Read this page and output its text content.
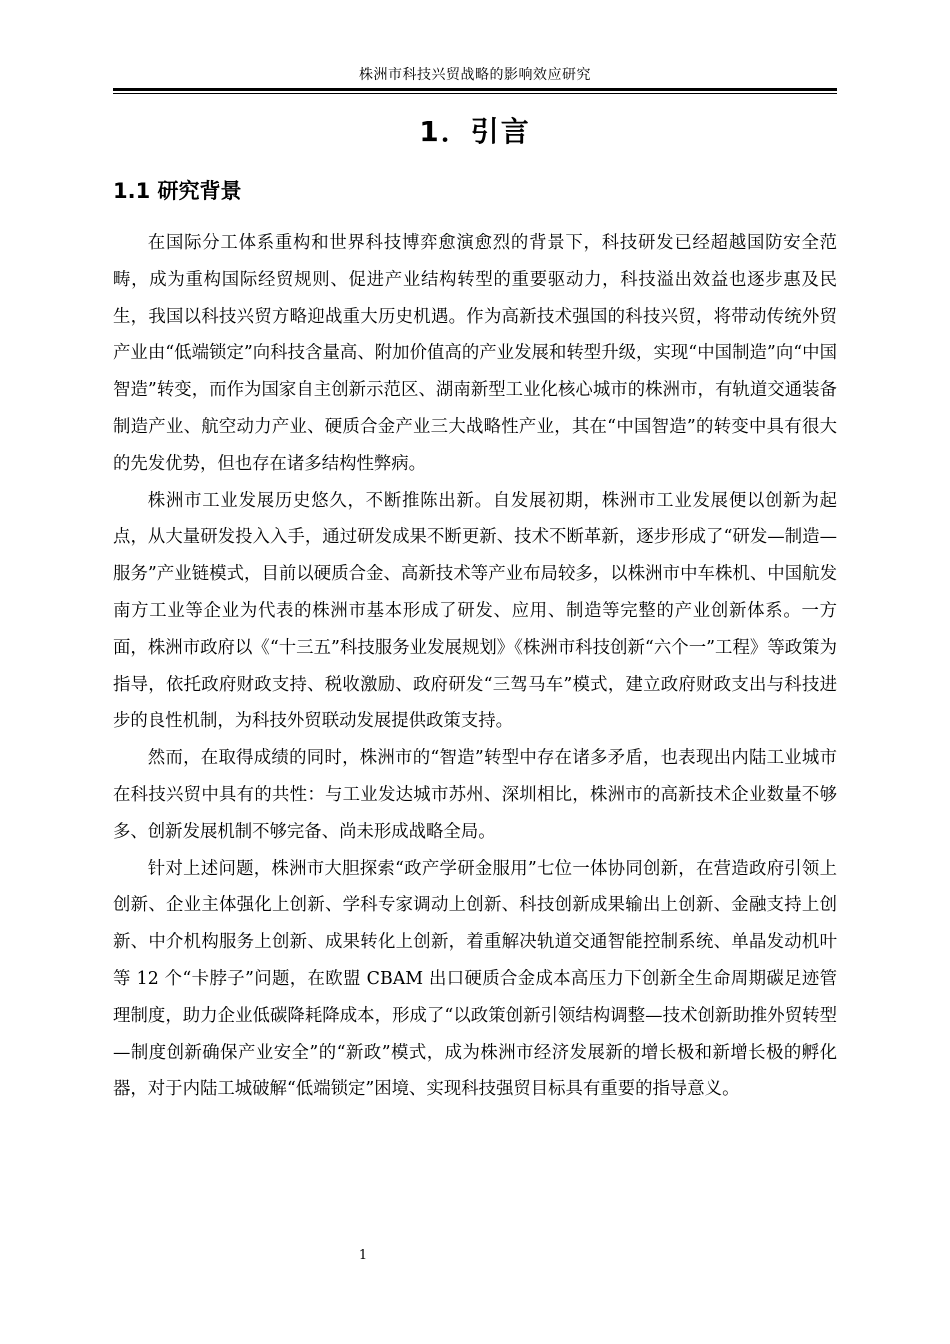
株洲市科技兴贸战略的影响效应研究
1．引言
1.1 研究背景

在国际分工体系重构和世界科技博弈愈演愈烈的背景下，科技研发已经超越国防安全范畴，成为重构国际经贸规则、促进产业结构转型的重要驱动力，科技溢出效益也逐步惠及民生，我国以科技兴贸方略迎战重大历史机遇。作为高新技术强国的科技兴贸，将带动传统外贸产业由“低端锁定”向科技含量高、附加价值高的产业发展和转型升级，实现“中国制造”向“中国智造”转变，而作为国家自主创新示范区、湖南新型工业化核心城市的株洲市，有轨道交通装备制造产业、航空动力产业、硬质合金产业三大战略性产业，其在“中国智造”的转变中具有很大的先发优势，但也存在诸多结构性弊病。

株洲市工业发展历史悠久，不断推陈出新。自发展初期，株洲市工业发展便以创新为起点，从大量研发投入入手，通过研发成果不断更新、技术不断革新，逐步形成了“研发—制造—服务”产业链模式，目前以硬质合金、高新技术等产业布局较多，以株洲市中车株机、中国航发南方工业等企业为代表的株洲市基本形成了研发、应用、制造等完整的产业创新体系。一方面，株洲市政府以《“十三五”科技服务业发展规划》《株洲市科技创新“六个一”工程》等政策为指导，依托政府财政支持、税收激励、政府研发“三驾马车”模式，建立政府财政支出与科技进步的良性机制，为科技外贸联动发展提供政策支持。

然而，在取得成绩的同时，株洲市的“智造”转型中存在诸多矛盾，也表现出内陆工业城市在科技兴贸中具有的共性：与工业发达城市苏州、深圳相比，株洲市的高新技术企业数量不够多、创新发展机制不够完备、尚未形成战略全局。

针对上述问题，株洲市大胆探索“政产学研金服用”七位一体协同创新，在营造政府引领上创新、企业主体强化上创新、学科专家调动上创新、科技创新成果输出上创新、金融支持上创新、中介机构服务上创新、成果转化上创新，着重解决轨道交通智能控制系统、单晶发动机叶等 12 个“卡脖子”问题，在欧盟 CBAM 出口硬质合金成本高压力下创新全生命周期碳足迹管理制度，助力企业低碳降耗降成本，形成了“以政策创新引领结构调整—技术创新助推外贸转型—制度创新确保产业安全”的“新政”模式，成为株洲市经济发展新的增长极和新增长极的孵化器，对于内陆工城破解“低端锁定”困境、实现科技强贸目标具有重要的指导意义。

1
